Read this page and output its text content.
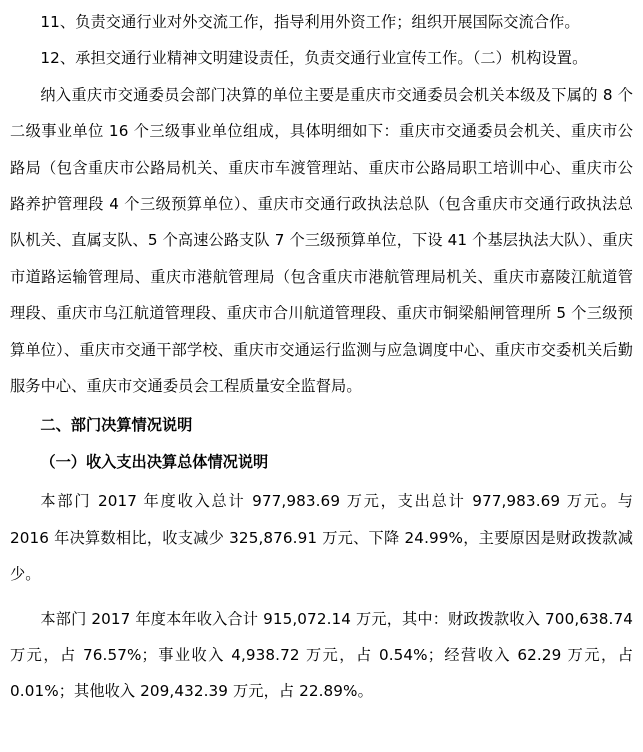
11、负责交通行业对外交流工作，指导利用外资工作；组织开展国际交流合作。

12、承担交通行业精神文明建设责任，负责交通行业宣传工作。（二）机构设置。

纳入重庆市交通委员会部门决算的单位主要是重庆市交通委员会机关本级及下属的 8 个二级事业单位 16 个三级事业单位组成，具体明细如下：重庆市交通委员会机关、重庆市公路局（包含重庆市公路局机关、重庆市车渡管理站、重庆市公路局职工培训中心、重庆市公路养护管理段 4 个三级预算单位）、重庆市交通行政执法总队（包含重庆市交通行政执法总队机关、直属支队、5 个高速公路支队 7 个三级预算单位，下设 41 个基层执法大队）、重庆市道路运输管理局、重庆市港航管理局（包含重庆市港航管理局机关、重庆市嘉陵江航道管理段、重庆市乌江航道管理段、重庆市合川航道管理段、重庆市铜梁船闸管理所 5 个三级预算单位）、重庆市交通干部学校、重庆市交通运行监测与应急调度中心、重庆市交委机关后勤服务中心、重庆市交通委员会工程质量安全监督局。

二、部门决算情况说明

（一）收入支出决算总体情况说明

本部门 2017 年度收入总计 977,983.69 万元，支出总计 977,983.69 万元。与 2016 年决算数相比，收支减少 325,876.91 万元、下降 24.99%，主要原因是财政拨款减少。

本部门 2017 年度本年收入合计 915,072.14 万元，其中：财政拨款收入 700,638.74 万元，占 76.57%；事业收入 4,938.72 万元，占 0.54%；经营收入 62.29 万元，占 0.01%；其他收入 209,432.39 万元，占 22.89%。
